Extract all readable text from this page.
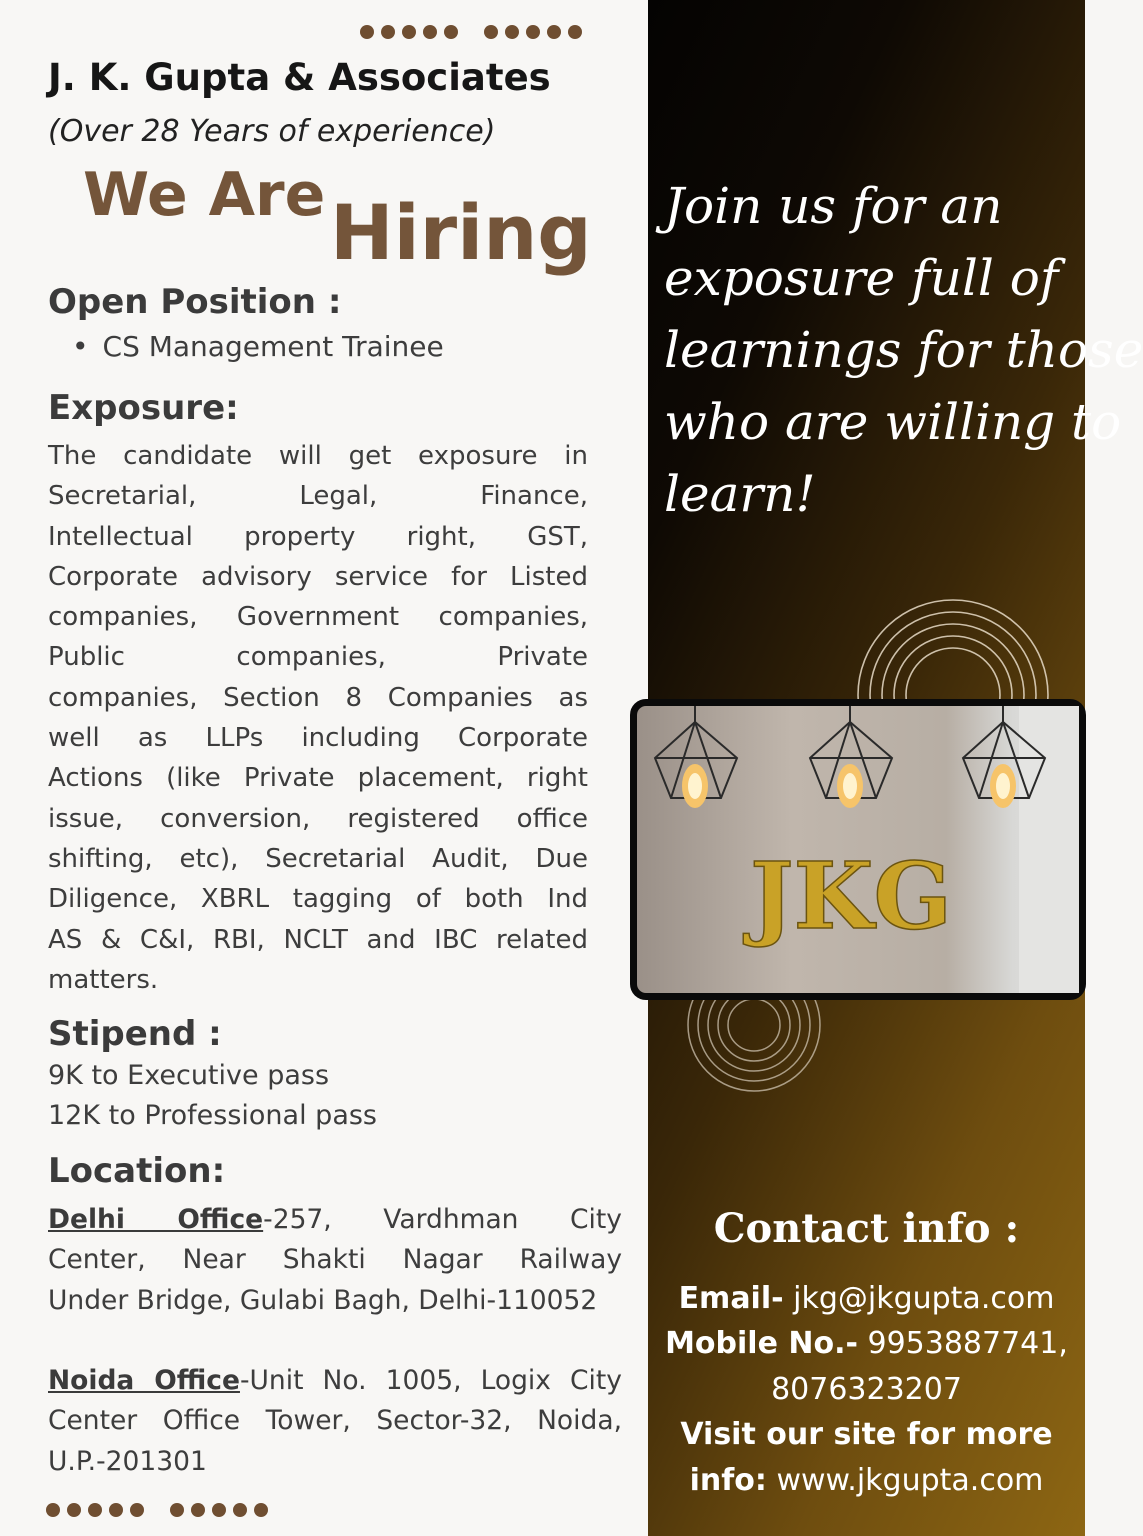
J. K. Gupta & Associates
(Over 28 Years of experience)
We Are Hiring
Open Position :
• CS Management Trainee
Exposure:
The candidate will get exposure in
Secretarial, Legal, Finance,
Intellectual property right, GST,
Corporate advisory service for Listed
companies, Government companies,
Public companies, Private
companies, Section 8 Companies as
well as LLPs including Corporate
Actions (like Private placement, right
issue, conversion, registered office
shifting, etc), Secretarial Audit, Due
Diligence, XBRL tagging of both Ind
AS & C&I, RBI, NCLT and IBC related
matters.
Stipend :
9K to Executive pass
12K to Professional pass
Location:
Delhi Office-257, Vardhman City
Center, Near Shakti Nagar Railway
Under Bridge, Gulabi Bagh, Delhi-110052
Noida Office-Unit No. 1005, Logix City
Center Office Tower, Sector-32, Noida,
U.P.-201301
Join us for an
exposure full of
learnings for those
who are willing to
learn!
JKG
Contact info :
Email- jkg@jkgupta.com
Mobile No.- 9953887741,
8076323207
Visit our site for more
info: www.jkgupta.com
